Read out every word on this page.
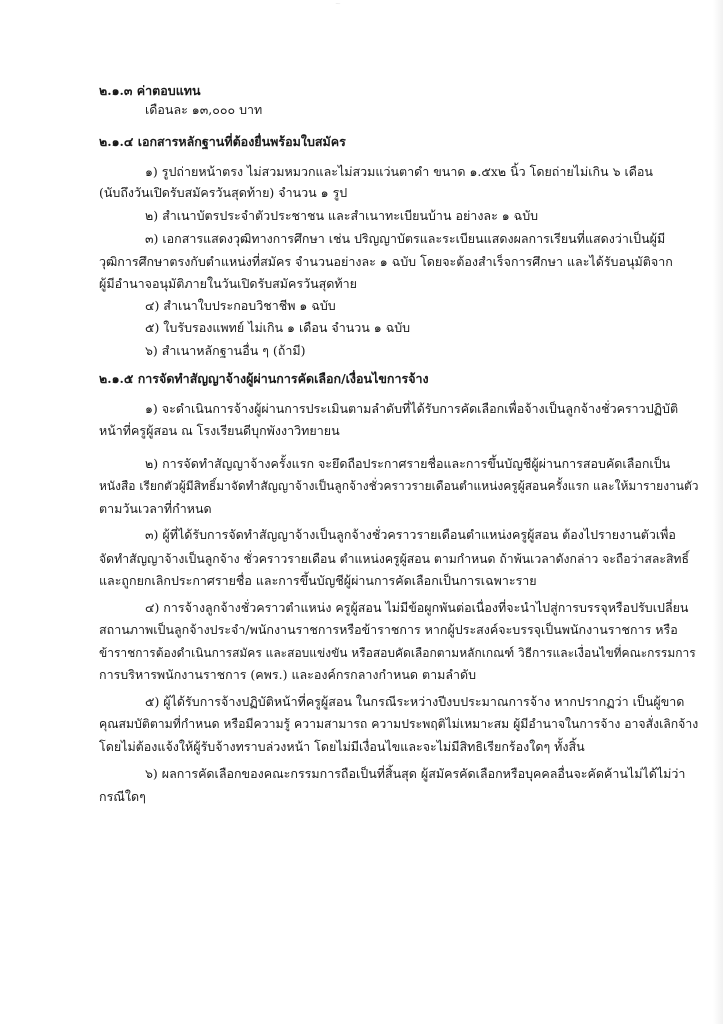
~
๒.๑.๓ ค่าตอบแทน
เดือนละ ๑๓,๐๐๐ บาท
๒.๑.๔ เอกสารหลักฐานที่ต้องยื่นพร้อมใบสมัคร
๑) รูปถ่ายหน้าตรง ไม่สวมหมวกและไม่สวมแว่นตาดำ ขนาด ๑.๕x๒ นิ้ว โดยถ่ายไม่เกิน ๖ เดือน
(นับถึงวันเปิดรับสมัครวันสุดท้าย) จำนวน ๑ รูป
๒) สำเนาบัตรประจำตัวประชาชน และสำเนาทะเบียนบ้าน อย่างละ ๑ ฉบับ
๓) เอกสารแสดงวุฒิทางการศึกษา เช่น ปริญญาบัตรและระเบียนแสดงผลการเรียนที่แสดงว่าเป็นผู้มี
วุฒิการศึกษาตรงกับตำแหน่งที่สมัคร จำนวนอย่างละ ๑ ฉบับ โดยจะต้องสำเร็จการศึกษา และได้รับอนุมัติจาก
ผู้มีอำนาจอนุมัติภายในวันเปิดรับสมัครวันสุดท้าย
๔) สำเนาใบประกอบวิชาชีพ ๑ ฉบับ
๕) ใบรับรองแพทย์ ไม่เกิน ๑ เดือน จำนวน ๑ ฉบับ
๖) สำเนาหลักฐานอื่น ๆ (ถ้ามี)
๒.๑.๕ การจัดทำสัญญาจ้างผู้ผ่านการคัดเลือก/เงื่อนไขการจ้าง
๑) จะดำเนินการจ้างผู้ผ่านการประเมินตามลำดับที่ได้รับการคัดเลือกเพื่อจ้างเป็นลูกจ้างชั่วคราวปฏิบัติ
หน้าที่ครูผู้สอน ณ โรงเรียนดีบุกพังงาวิทยายน
๒) การจัดทำสัญญาจ้างครั้งแรก จะยึดถือประกาศรายชื่อและการขึ้นบัญชีผู้ผ่านการสอบคัดเลือกเป็น
หนังสือ เรียกตัวผู้มีสิทธิ์มาจัดทำสัญญาจ้างเป็นลูกจ้างชั่วคราวรายเดือนตำแหน่งครูผู้สอนครั้งแรก และให้มารายงานตัว
ตามวันเวลาที่กำหนด
๓) ผู้ที่ได้รับการจัดทำสัญญาจ้างเป็นลูกจ้างชั่วคราวรายเดือนตำแหน่งครูผู้สอน ต้องไปรายงานตัวเพื่อ
จัดทำสัญญาจ้างเป็นลูกจ้าง ชั่วคราวรายเดือน ตำแหน่งครูผู้สอน ตามกำหนด ถ้าพ้นเวลาดังกล่าว จะถือว่าสละสิทธิ์
และถูกยกเลิกประกาศรายชื่อ และการขึ้นบัญชีผู้ผ่านการคัดเลือกเป็นการเฉพาะราย
๔) การจ้างลูกจ้างชั่วคราวตำแหน่ง ครูผู้สอน ไม่มีข้อผูกพันต่อเนื่องที่จะนำไปสู่การบรรจุหรือปรับเปลี่ยน
สถานภาพเป็นลูกจ้างประจำ/พนักงานราชการหรือข้าราชการ หากผู้ประสงค์จะบรรจุเป็นพนักงานราชการ หรือ
ข้าราชการต้องดำเนินการสมัคร และสอบแข่งขัน หรือสอบคัดเลือกตามหลักเกณฑ์ วิธีการและเงื่อนไขที่คณะกรรมการ
การบริหารพนักงานราชการ (คพร.) และองค์กรกลางกำหนด ตามลำดับ
๕) ผู้ได้รับการจ้างปฏิบัติหน้าที่ครูผู้สอน ในกรณีระหว่างปีงบประมาณการจ้าง หากปรากฏว่า เป็นผู้ขาด
คุณสมบัติตามที่กำหนด หรือมีความรู้ ความสามารถ ความประพฤติไม่เหมาะสม ผู้มีอำนาจในการจ้าง อาจสั่งเลิกจ้าง
โดยไม่ต้องแจ้งให้ผู้รับจ้างทราบล่วงหน้า โดยไม่มีเงื่อนไขและจะไม่มีสิทธิเรียกร้องใดๆ ทั้งสิ้น
๖) ผลการคัดเลือกของคณะกรรมการถือเป็นที่สิ้นสุด ผู้สมัครคัดเลือกหรือบุคคลอื่นจะคัดค้านไม่ได้ไม่ว่า
กรณีใดๆ
